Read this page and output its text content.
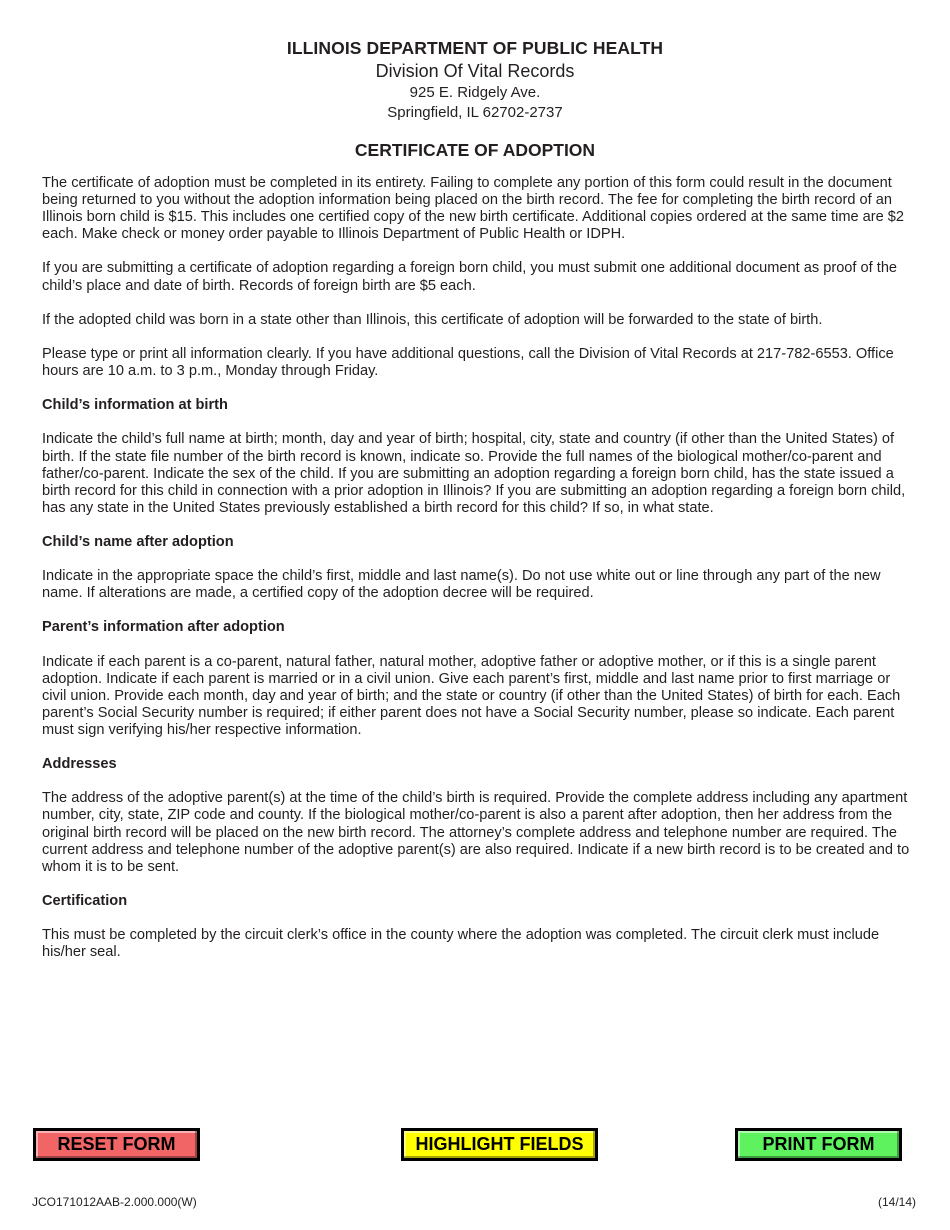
ILLINOIS DEPARTMENT OF PUBLIC HEALTH
Division Of Vital Records
925 E. Ridgely Ave.
Springfield, IL 62702-2737
CERTIFICATE OF ADOPTION

The certificate of adoption must be completed in its entirety. Failing to complete any portion of this form could result in the document being returned to you without the adoption information being placed on the birth record. The fee for completing the birth record of an Illinois born child is $15. This includes one certified copy of the new birth certificate. Additional copies ordered at the same time are $2 each. Make check or money order payable to Illinois Department of Public Health or IDPH.

If you are submitting a certificate of adoption regarding a foreign born child, you must submit one additional document as proof of the child’s place and date of birth. Records of foreign birth are $5 each.

If the adopted child was born in a state other than Illinois, this certificate of adoption will be forwarded to the state of birth.

Please type or print all information clearly. If you have additional questions, call the Division of Vital Records at 217-782-6553. Office hours are 10 a.m. to 3 p.m., Monday through Friday.

Child’s information at birth

Indicate the child’s full name at birth; month, day and year of birth; hospital, city, state and country (if other than the United States) of birth. If the state file number of the birth record is known, indicate so. Provide the full names of the biological mother/co-parent and father/co-parent. Indicate the sex of the child. If you are submitting an adoption regarding a foreign born child, has the state issued a birth record for this child in connection with a prior adoption in Illinois? If you are submitting an adoption regarding a foreign born child, has any state in the United States previously established a birth record for this child? If so, in what state.

Child’s name after adoption

Indicate in the appropriate space the child’s first, middle and last name(s). Do not use white out or line through any part of the new name. If alterations are made, a certified copy of the adoption decree will be required.

Parent’s information after adoption

Indicate if each parent is a co-parent, natural father, natural mother, adoptive father or adoptive mother, or if this is a single parent adoption. Indicate if each parent is married or in a civil union. Give each parent’s first, middle and last name prior to first marriage or civil union. Provide each month, day and year of birth; and the state or country (if other than the United States) of birth for each. Each parent’s Social Security number is required; if either parent does not have a Social Security number, please so indicate. Each parent must sign verifying his/her respective information.

Addresses

The address of the adoptive parent(s) at the time of the child’s birth is required. Provide the complete address including any apartment number, city, state, ZIP code and county. If the biological mother/co-parent is also a parent after adoption, then her address from the original birth record will be placed on the new birth record. The attorney’s complete address and telephone number are required. The current address and telephone number of the adoptive parent(s) are also required. Indicate if a new birth record is to be created and to whom it is to be sent.

Certification

This must be completed by the circuit clerk’s office in the county where the adoption was completed. The circuit clerk must include his/her seal.

RESET FORM	HIGHLIGHT FIELDS	PRINT FORM
JCO171012AAB-2.000.000(W)	(14/14)
